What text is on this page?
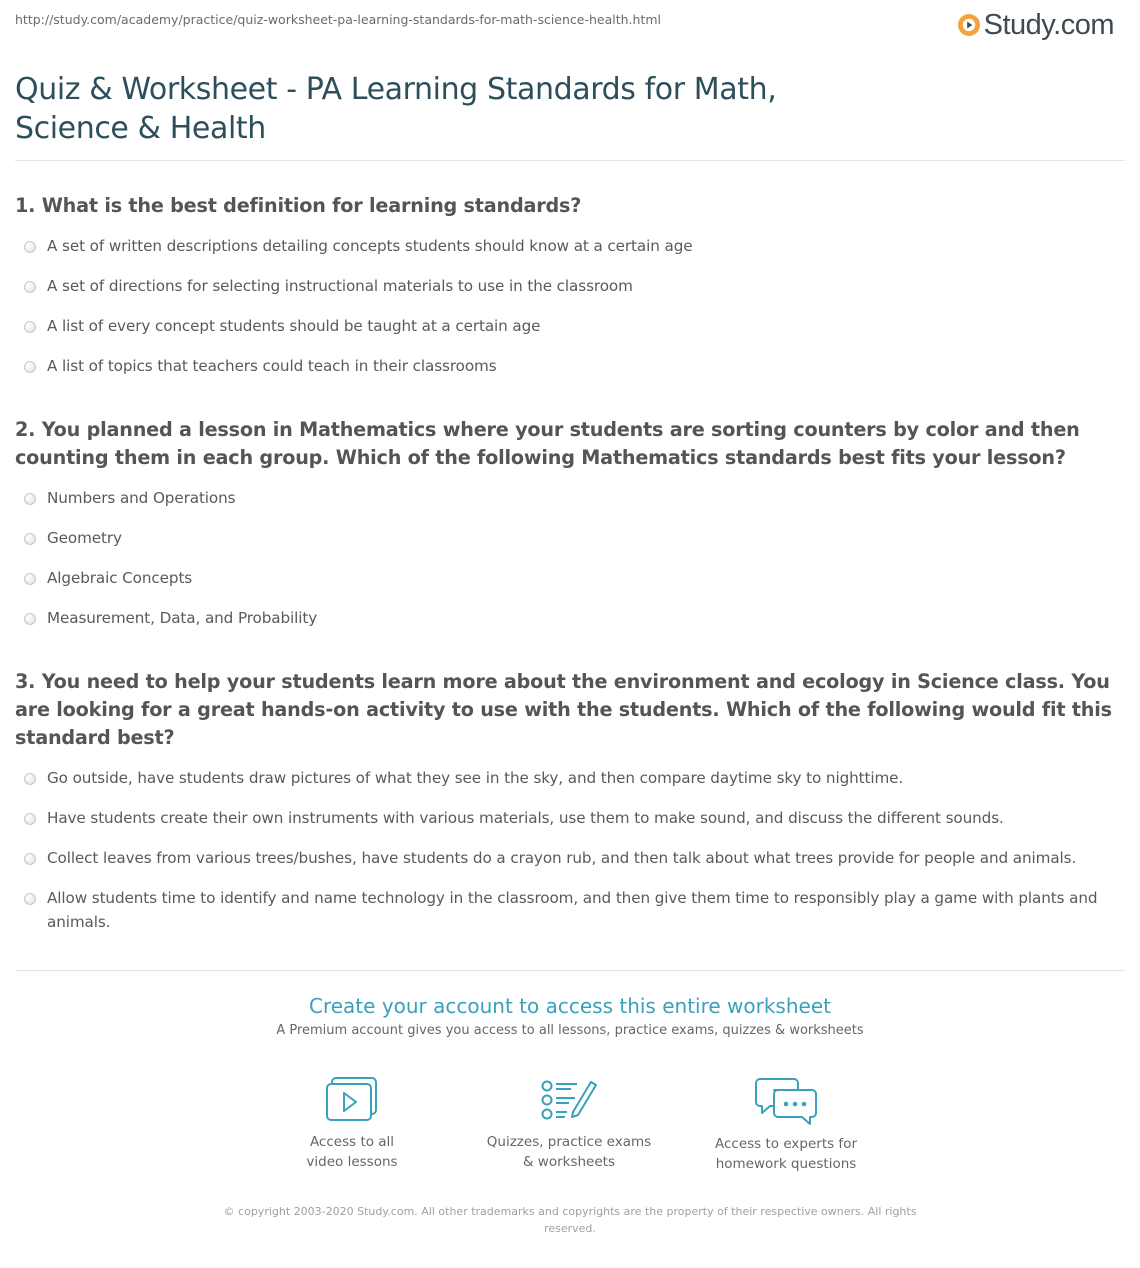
http://study.com/academy/practice/quiz-worksheet-pa-learning-standards-for-math-science-health.html	Study.com
Quiz & Worksheet - PA Learning Standards for Math, Science & Health
1. What is the best definition for learning standards?
A set of written descriptions detailing concepts students should know at a certain age
A set of directions for selecting instructional materials to use in the classroom
A list of every concept students should be taught at a certain age
A list of topics that teachers could teach in their classrooms
2. You planned a lesson in Mathematics where your students are sorting counters by color and then counting them in each group. Which of the following Mathematics standards best fits your lesson?
Numbers and Operations
Geometry
Algebraic Concepts
Measurement, Data, and Probability
3. You need to help your students learn more about the environment and ecology in Science class. You are looking for a great hands-on activity to use with the students. Which of the following would fit this standard best?
Go outside, have students draw pictures of what they see in the sky, and then compare daytime sky to nighttime.
Have students create their own instruments with various materials, use them to make sound, and discuss the different sounds.
Collect leaves from various trees/bushes, have students do a crayon rub, and then talk about what trees provide for people and animals.
Allow students time to identify and name technology in the classroom, and then give them time to responsibly play a game with plants and animals.
Create your account to access this entire worksheet
A Premium account gives you access to all lessons, practice exams, quizzes & worksheets
Access to all
video lessons
Quizzes, practice exams
& worksheets
Access to experts for
homework questions
© copyright 2003-2020 Study.com. All other trademarks and copyrights are the property of their respective owners. All rights reserved.
